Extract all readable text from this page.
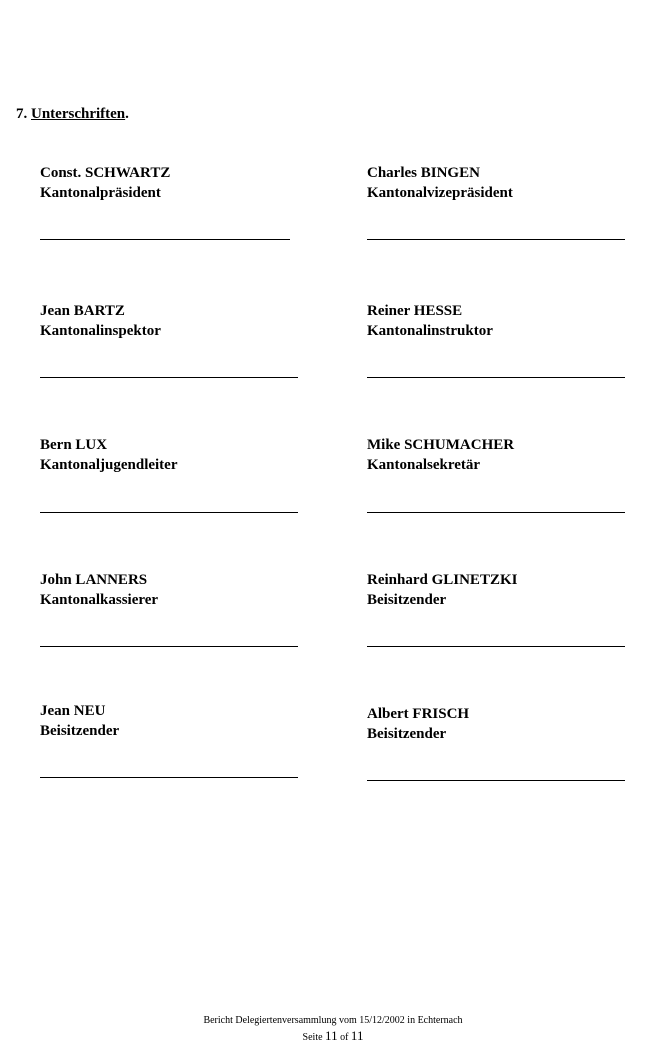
7. Unterschriften.

Const. SCHWARTZ

Kantonalpräsident

Charles BINGEN

Kantonalvizepräsident

Jean BARTZ

Kantonalinspektor

Reiner HESSE

Kantonalinstruktor

Bern LUX

Kantonaljugendleiter

Mike SCHUMACHER

Kantonalsekretär

John LANNERS

Kantonalkassierer

Reinhard GLINETZKI

Beisitzender

Jean NEU

Beisitzender

Albert FRISCH

Beisitzender

Bericht Delegiertenversammlung vom 15/12/2002 in Echternach
Seite 11 of 11
